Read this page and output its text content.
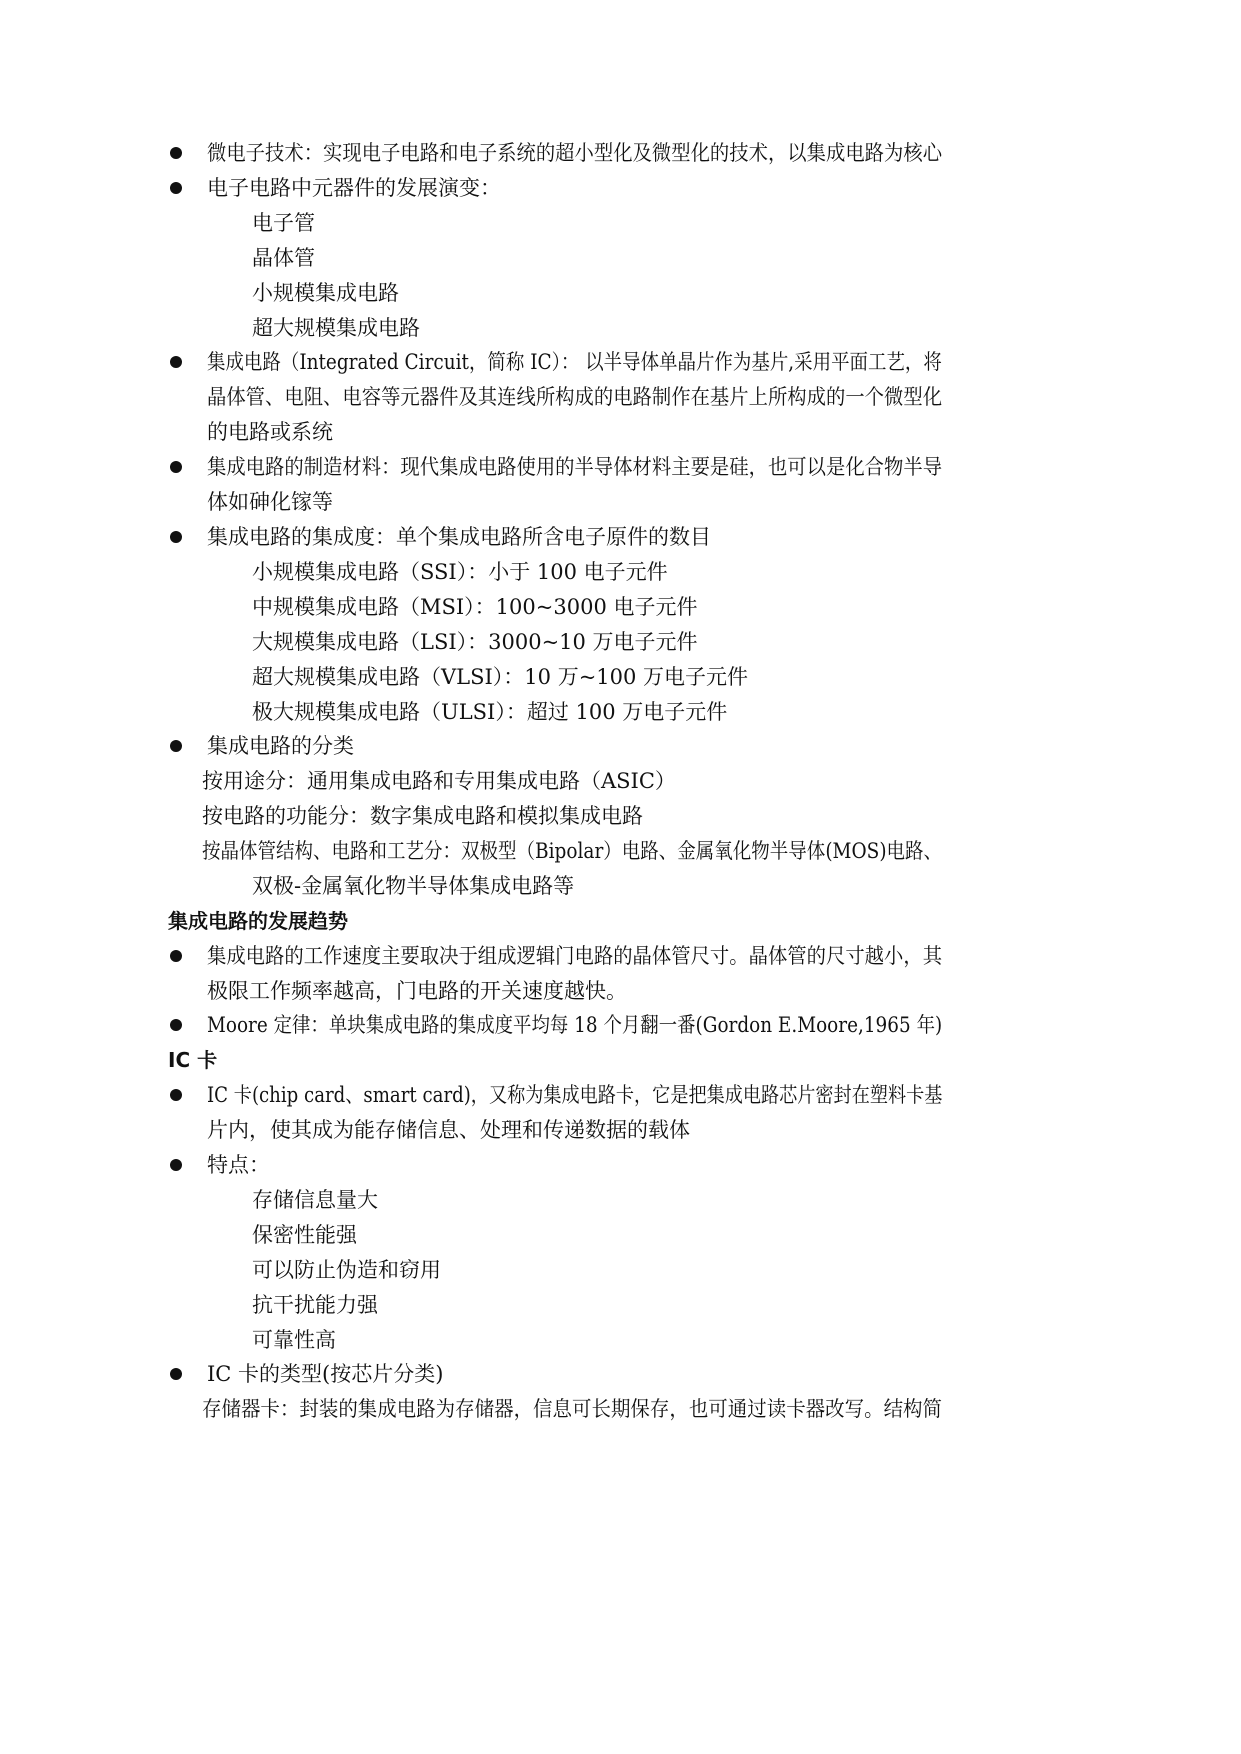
微电子技术：实现电子电路和电子系统的超小型化及微型化的技术，以集成电路为核心
电子电路中元器件的发展演变：
电子管
晶体管
小规模集成电路
超大规模集成电路
集成电路（Integrated Circuit，简称 IC）： 以半导体单晶片作为基片,采用平面工艺，将
晶体管、电阻、电容等元器件及其连线所构成的电路制作在基片上所构成的一个微型化
的电路或系统
集成电路的制造材料：现代集成电路使用的半导体材料主要是硅，也可以是化合物半导
体如砷化镓等
集成电路的集成度：单个集成电路所含电子原件的数目
小规模集成电路（SSI）：小于 100 电子元件
中规模集成电路（MSI）：100~3000 电子元件
大规模集成电路（LSI）：3000~10 万电子元件
超大规模集成电路（VLSI）：10 万~100 万电子元件
极大规模集成电路（ULSI）：超过 100 万电子元件
集成电路的分类
按用途分：通用集成电路和专用集成电路（ASIC）
按电路的功能分：数字集成电路和模拟集成电路
按晶体管结构、电路和工艺分：双极型（Bipolar）电路、金属氧化物半导体(MOS)电路、
双极-金属氧化物半导体集成电路等
集成电路的发展趋势
集成电路的工作速度主要取决于组成逻辑门电路的晶体管尺寸。晶体管的尺寸越小，其
极限工作频率越高，门电路的开关速度越快。
Moore 定律：单块集成电路的集成度平均每 18 个月翻一番(Gordon E.Moore,1965 年)
IC 卡
IC 卡(chip card、smart card)，又称为集成电路卡，它是把集成电路芯片密封在塑料卡基
片内，使其成为能存储信息、处理和传递数据的载体
特点：
存储信息量大
保密性能强
可以防止伪造和窃用
抗干扰能力强
可靠性高
IC 卡的类型(按芯片分类)
存储器卡：封装的集成电路为存储器，信息可长期保存，也可通过读卡器改写。结构简
